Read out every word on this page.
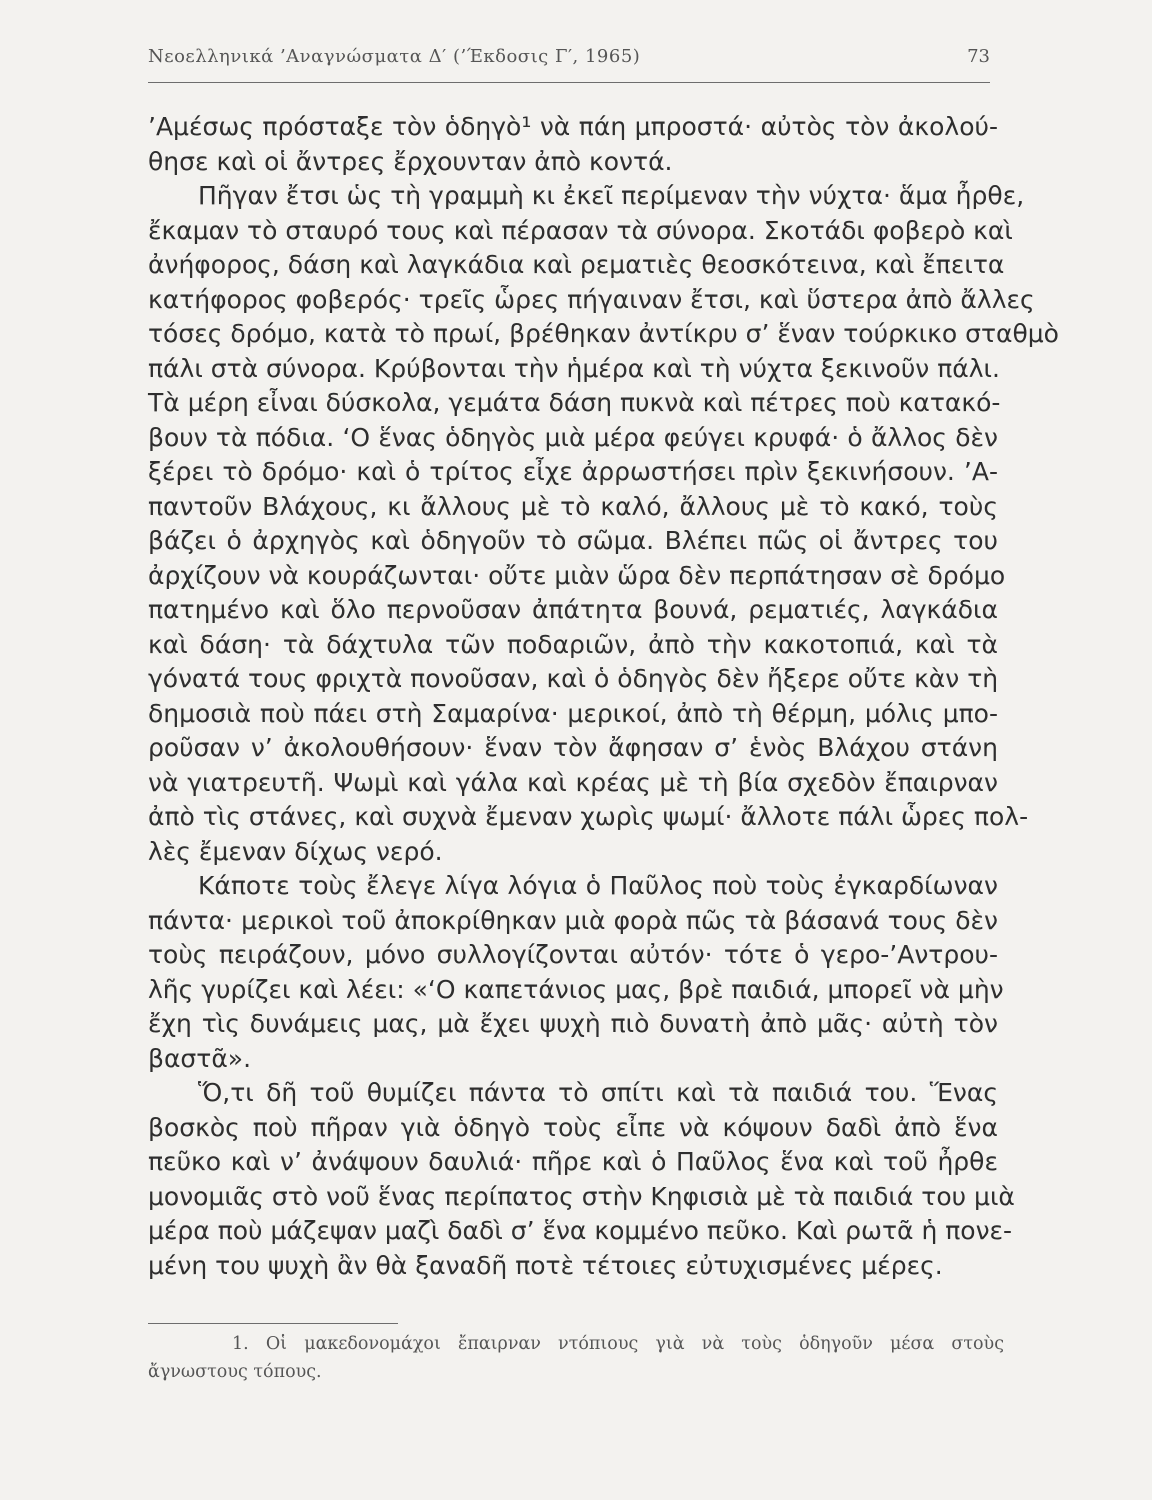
Νεοελληνικά ’Αναγνώσματα Δ′ (’Έκδοσις Γ′, 1965)	73
’Αμέσως πρόσταξε τὸν ὁδηγὸ¹ νὰ πάη μπροστά· αὐτὸς τὸν ἀκολού-
θησε καὶ οἱ ἄντρες ἔρχουνταν ἀπὸ κοντά.
Πῆγαν ἔτσι ὡς τὴ γραμμὴ κι ἐκεῖ περίμεναν τὴν νύχτα· ἅμα ἦρθε,
ἔκαμαν τὸ σταυρό τους καὶ πέρασαν τὰ σύνορα. Σκοτάδι φοβερὸ καὶ
ἀνήφορος, δάση καὶ λαγκάδια καὶ ρεματιὲς θεοσκότεινα, καὶ ἔπειτα
κατήφορος φοβερός· τρεῖς ὧρες πήγαιναν ἔτσι, καὶ ὕστερα ἀπὸ ἄλλες
τόσες δρόμο, κατὰ τὸ πρωί, βρέθηκαν ἀντίκρυ σ’ ἕναν τούρκικο σταθμὸ
πάλι στὰ σύνορα. Κρύβονται τὴν ἡμέρα καὶ τὴ νύχτα ξεκινοῦν πάλι.
Τὰ μέρη εἶναι δύσκολα, γεμάτα δάση πυκνὰ καὶ πέτρες ποὺ κατακό-
βουν τὰ πόδια. ‘Ο ἕνας ὁδηγὸς μιὰ μέρα φεύγει κρυφά· ὁ ἄλλος δὲν
ξέρει τὸ δρόμο· καὶ ὁ τρίτος εἶχε ἀρρωστήσει πρὶν ξεκινήσουν. ’Α-
παντοῦν Βλάχους, κι ἄλλους μὲ τὸ καλό, ἄλλους μὲ τὸ κακό, τοὺς
βάζει ὁ ἀρχηγὸς καὶ ὁδηγοῦν τὸ σῶμα. Βλέπει πῶς οἱ ἄντρες του
ἀρχίζουν νὰ κουράζωνται· οὔτε μιὰν ὥρα δὲν περπάτησαν σὲ δρόμο
πατημένο καὶ ὅλο περνοῦσαν ἀπάτητα βουνά, ρεματιές, λαγκάδια
καὶ δάση· τὰ δάχτυλα τῶν ποδαριῶν, ἀπὸ τὴν κακοτοπιά, καὶ τὰ
γόνατά τους φριχτὰ πονοῦσαν, καὶ ὁ ὁδηγὸς δὲν ἤξερε οὔτε κὰν τὴ
δημοσιὰ ποὺ πάει στὴ Σαμαρίνα· μερικοί, ἀπὸ τὴ θέρμη, μόλις μπο-
ροῦσαν ν’ ἀκολουθήσουν· ἕναν τὸν ἄφησαν σ’ ἑνὸς Βλάχου στάνη
νὰ γιατρευτῆ. Ψωμὶ καὶ γάλα καὶ κρέας μὲ τὴ βία σχεδὸν ἔπαιρναν
ἀπὸ τὶς στάνες, καὶ συχνὰ ἔμεναν χωρὶς ψωμί· ἄλλοτε πάλι ὧρες πολ-
λὲς ἔμεναν δίχως νερό.
Κάποτε τοὺς ἔλεγε λίγα λόγια ὁ Παῦλος ποὺ τοὺς ἐγκαρδίωναν
πάντα· μερικοὶ τοῦ ἀποκρίθηκαν μιὰ φορὰ πῶς τὰ βάσανά τους δὲν
τοὺς πειράζουν, μόνο συλλογίζονται αὐτόν· τότε ὁ γερο-’Αντρου-
λῆς γυρίζει καὶ λέει: «‘Ο καπετάνιος μας, βρὲ παιδιά, μπορεῖ νὰ μὴν
ἔχη τὶς δυνάμεις μας, μὰ ἔχει ψυχὴ πιὸ δυνατὴ ἀπὸ μᾶς· αὐτὴ τὸν
βαστᾶ».
Ὅ,τι δῆ τοῦ θυμίζει πάντα τὸ σπίτι καὶ τὰ παιδιά του. Ἕνας
βοσκὸς ποὺ πῆραν γιὰ ὁδηγὸ τοὺς εἶπε νὰ κόψουν δαδὶ ἀπὸ ἕνα
πεῦκο καὶ ν’ ἀνάψουν δαυλιά· πῆρε καὶ ὁ Παῦλος ἕνα καὶ τοῦ ἦρθε
μονομιᾶς στὸ νοῦ ἕνας περίπατος στὴν Κηφισιὰ μὲ τὰ παιδιά του μιὰ
μέρα ποὺ μάζεψαν μαζὶ δαδὶ σ’ ἕνα κομμένο πεῦκο. Καὶ ρωτᾶ ἡ πονε-
μένη του ψυχὴ ἂν θὰ ξαναδῆ ποτὲ τέτοιες εὐτυχισμένες μέρες.
1. Οἱ μακεδονομάχοι ἔπαιρναν ντόπιους γιὰ νὰ τοὺς ὁδηγοῦν μέσα στοὺς
ἄγνωστους τόπους.
